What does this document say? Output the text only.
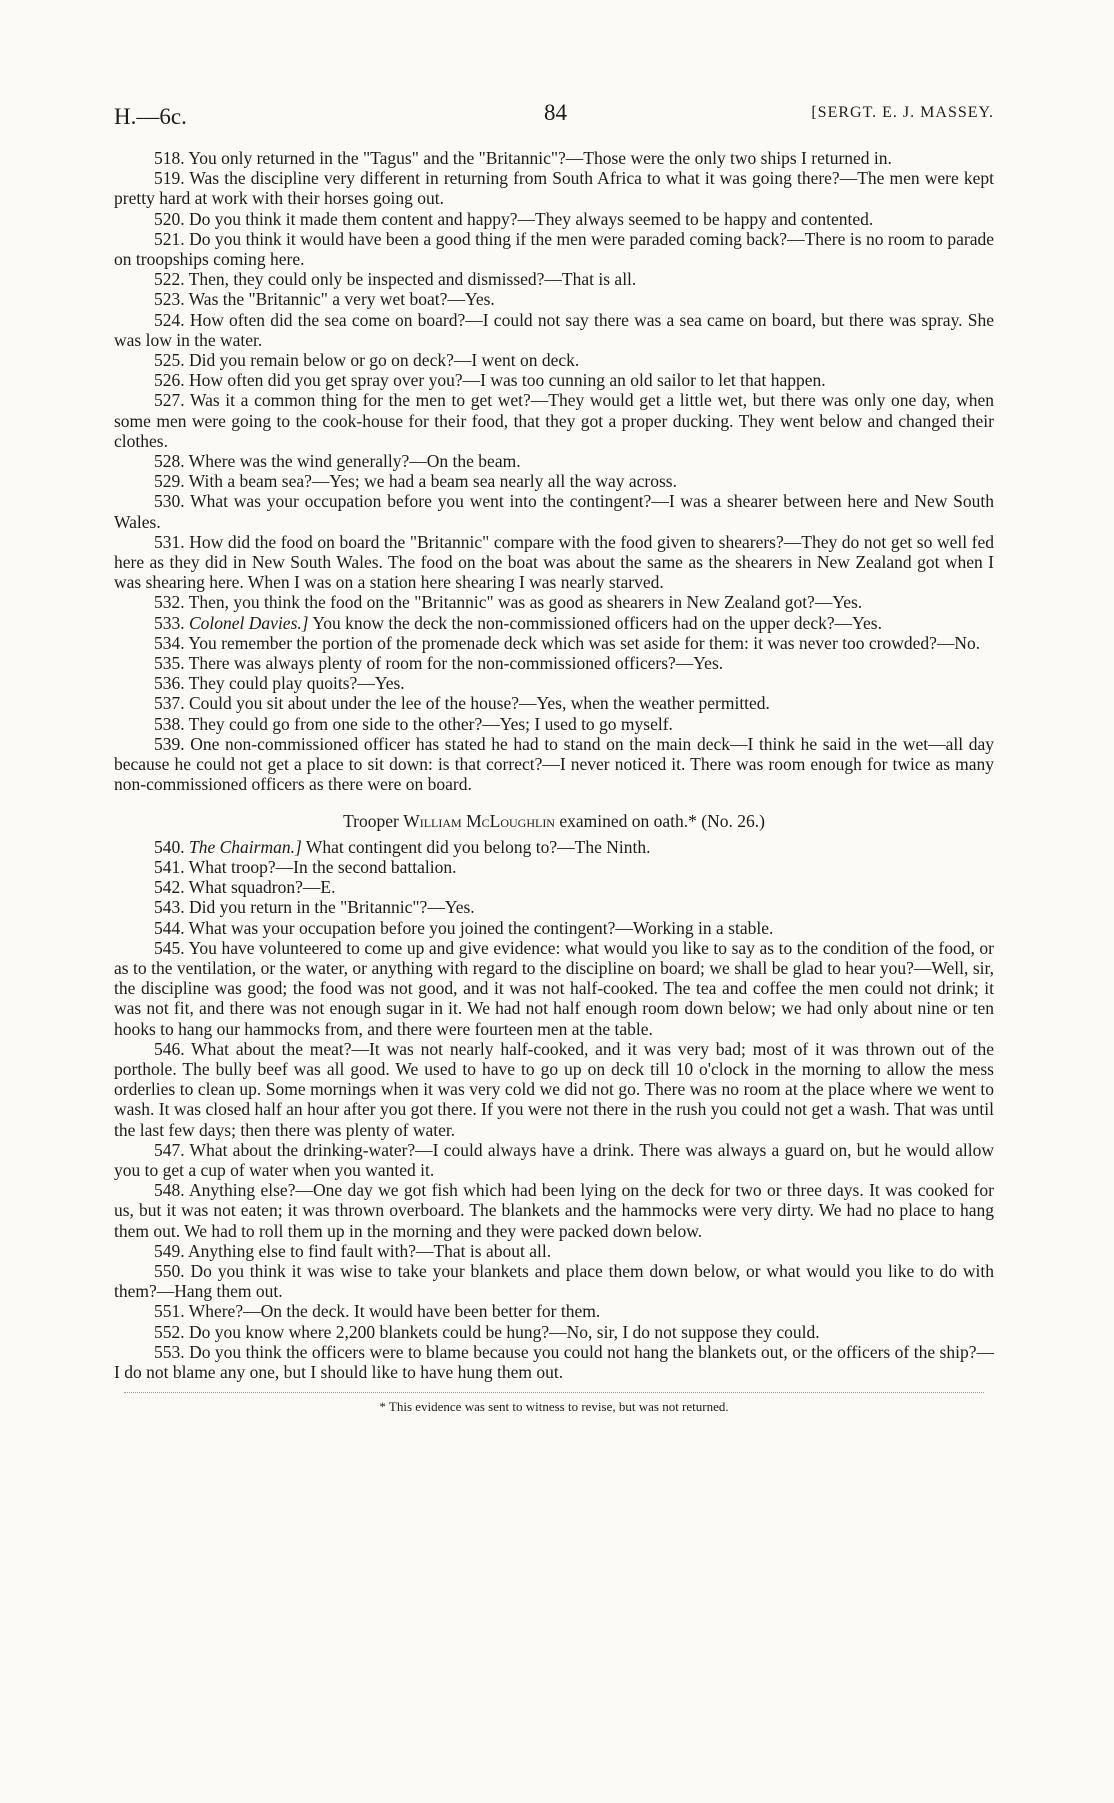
H.—6c.	84	[SERGT. E. J. MASSEY.

518. You only returned in the "Tagus" and the "Britannic"?—Those were the only two ships I returned in.

519. Was the discipline very different in returning from South Africa to what it was going there?—The men were kept pretty hard at work with their horses going out.

520. Do you think it made them content and happy?—They always seemed to be happy and contented.

521. Do you think it would have been a good thing if the men were paraded coming back?—There is no room to parade on troopships coming here.

522. Then, they could only be inspected and dismissed?—That is all.

523. Was the "Britannic" a very wet boat?—Yes.

524. How often did the sea come on board?—I could not say there was a sea came on board, but there was spray. She was low in the water.

525. Did you remain below or go on deck?—I went on deck.

526. How often did you get spray over you?—I was too cunning an old sailor to let that happen.

527. Was it a common thing for the men to get wet?—They would get a little wet, but there was only one day, when some men were going to the cook-house for their food, that they got a proper ducking. They went below and changed their clothes.

528. Where was the wind generally?—On the beam.

529. With a beam sea?—Yes; we had a beam sea nearly all the way across.

530. What was your occupation before you went into the contingent?—I was a shearer between here and New South Wales.

531. How did the food on board the "Britannic" compare with the food given to shearers?—They do not get so well fed here as they did in New South Wales. The food on the boat was about the same as the shearers in New Zealand got when I was shearing here. When I was on a station here shearing I was nearly starved.

532. Then, you think the food on the "Britannic" was as good as shearers in New Zealand got?—Yes.

533. Colonel Davies.] You know the deck the non-commissioned officers had on the upper deck?—Yes.

534. You remember the portion of the promenade deck which was set aside for them: it was never too crowded?—No.

535. There was always plenty of room for the non-commissioned officers?—Yes.

536. They could play quoits?—Yes.

537. Could you sit about under the lee of the house?—Yes, when the weather permitted.

538. They could go from one side to the other?—Yes; I used to go myself.

539. One non-commissioned officer has stated he had to stand on the main deck—I think he said in the wet—all day because he could not get a place to sit down: is that correct?—I never noticed it. There was room enough for twice as many non-commissioned officers as there were on board.

Trooper William McLoughlin examined on oath.* (No. 26.)

540. The Chairman.] What contingent did you belong to?—The Ninth.

541. What troop?—In the second battalion.

542. What squadron?—E.

543. Did you return in the "Britannic"?—Yes.

544. What was your occupation before you joined the contingent?—Working in a stable.

545. You have volunteered to come up and give evidence: what would you like to say as to the condition of the food, or as to the ventilation, or the water, or anything with regard to the discipline on board; we shall be glad to hear you?—Well, sir, the discipline was good; the food was not good, and it was not half-cooked. The tea and coffee the men could not drink; it was not fit, and there was not enough sugar in it. We had not half enough room down below; we had only about nine or ten hooks to hang our hammocks from, and there were fourteen men at the table.

546. What about the meat?—It was not nearly half-cooked, and it was very bad; most of it was thrown out of the porthole. The bully beef was all good. We used to have to go up on deck till 10 o'clock in the morning to allow the mess orderlies to clean up. Some mornings when it was very cold we did not go. There was no room at the place where we went to wash. It was closed half an hour after you got there. If you were not there in the rush you could not get a wash. That was until the last few days; then there was plenty of water.

547. What about the drinking-water?—I could always have a drink. There was always a guard on, but he would allow you to get a cup of water when you wanted it.

548. Anything else?—One day we got fish which had been lying on the deck for two or three days. It was cooked for us, but it was not eaten; it was thrown overboard. The blankets and the hammocks were very dirty. We had no place to hang them out. We had to roll them up in the morning and they were packed down below.

549. Anything else to find fault with?—That is about all.

550. Do you think it was wise to take your blankets and place them down below, or what would you like to do with them?—Hang them out.

551. Where?—On the deck. It would have been better for them.

552. Do you know where 2,200 blankets could be hung?—No, sir, I do not suppose they could.

553. Do you think the officers were to blame because you could not hang the blankets out, or the officers of the ship?—I do not blame any one, but I should like to have hung them out.

* This evidence was sent to witness to revise, but was not returned.
